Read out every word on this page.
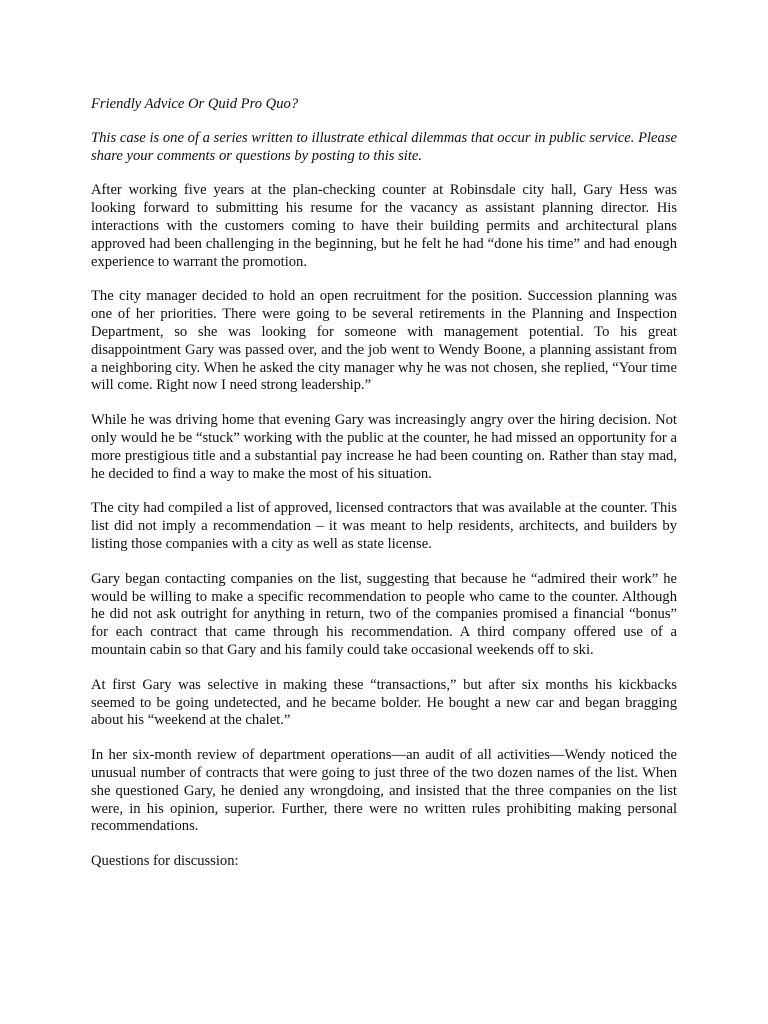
Friendly Advice Or Quid Pro Quo?

This case is one of a series written to illustrate ethical dilemmas that occur in public service. Please share your comments or questions by posting to this site.

After working five years at the plan-checking counter at Robinsdale city hall, Gary Hess was looking forward to submitting his resume for the vacancy as assistant planning director. His interactions with the customers coming to have their building permits and architectural plans approved had been challenging in the beginning, but he felt he had “done his time” and had enough experience to warrant the promotion.

The city manager decided to hold an open recruitment for the position. Succession planning was one of her priorities. There were going to be several retirements in the Planning and Inspection Department, so she was looking for someone with management potential. To his great disappointment Gary was passed over, and the job went to Wendy Boone, a planning assistant from a neighboring city. When he asked the city manager why he was not chosen, she replied, “Your time will come. Right now I need strong leadership.”

While he was driving home that evening Gary was increasingly angry over the hiring decision. Not only would he be “stuck” working with the public at the counter, he had missed an opportunity for a more prestigious title and a substantial pay increase he had been counting on. Rather than stay mad, he decided to find a way to make the most of his situation.

The city had compiled a list of approved, licensed contractors that was available at the counter. This list did not imply a recommendation – it was meant to help residents, architects, and builders by listing those companies with a city as well as state license.

Gary began contacting companies on the list, suggesting that because he “admired their work” he would be willing to make a specific recommendation to people who came to the counter. Although he did not ask outright for anything in return, two of the companies promised a financial “bonus” for each contract that came through his recommendation. A third company offered use of a mountain cabin so that Gary and his family could take occasional weekends off to ski.

At first Gary was selective in making these “transactions,” but after six months his kickbacks seemed to be going undetected, and he became bolder. He bought a new car and began bragging about his “weekend at the chalet.”

In her six-month review of department operations—an audit of all activities—Wendy noticed the unusual number of contracts that were going to just three of the two dozen names of the list. When she questioned Gary, he denied any wrongdoing, and insisted that the three companies on the list were, in his opinion, superior. Further, there were no written rules prohibiting making personal recommendations.

Questions for discussion:
